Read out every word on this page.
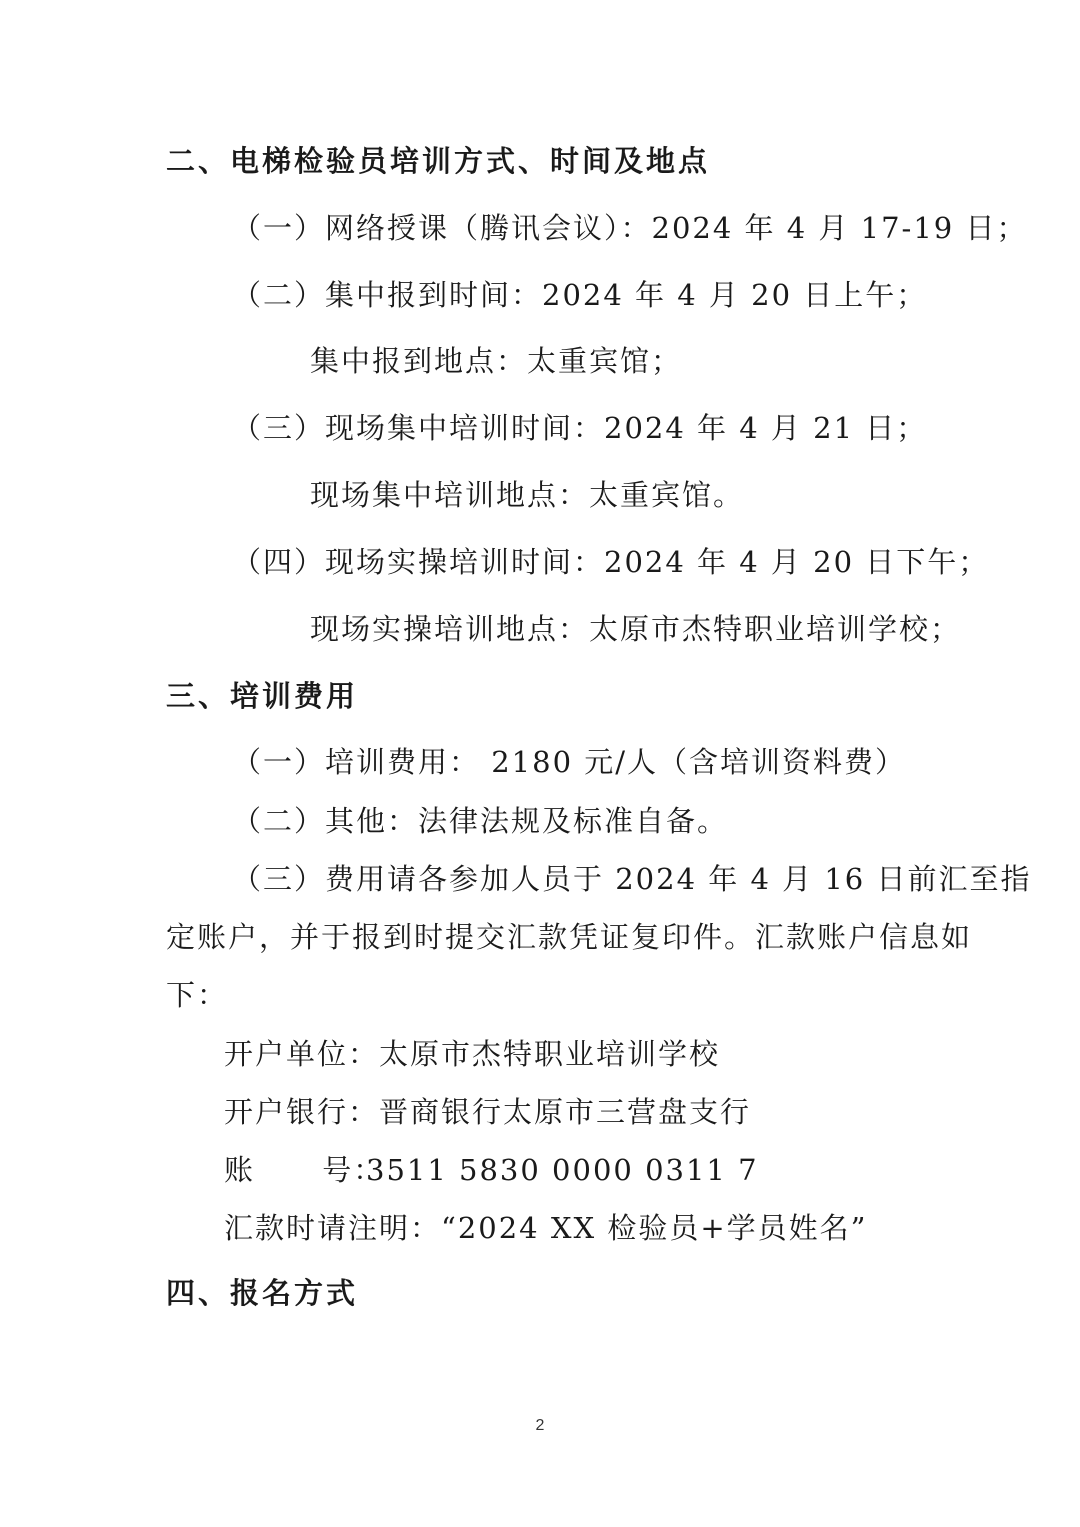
二、电梯检验员培训方式、时间及地点
（一）网络授课（腾讯会议）：2024 年 4 月 17-19 日；
（二）集中报到时间：2024 年 4 月 20 日上午；
集中报到地点：太重宾馆；
（三）现场集中培训时间：2024 年 4 月 21 日；
现场集中培训地点：太重宾馆。
（四）现场实操培训时间：2024 年 4 月 20 日下午；
现场实操培训地点：太原市杰特职业培训学校；
三、培训费用
（一）培训费用： 2180 元/人（含培训资料费）
（二）其他：法律法规及标准自备。
（三）费用请各参加人员于 2024 年 4 月 16 日前汇至指
定账户，并于报到时提交汇款凭证复印件。汇款账户信息如
下：
开户单位：太原市杰特职业培训学校
开户银行：晋商银行太原市三营盘支行
账      号：
3511 5830 0000 0311 7
汇款时请注明：“2024 XX 检验员+学员姓名”
四、报名方式
2
